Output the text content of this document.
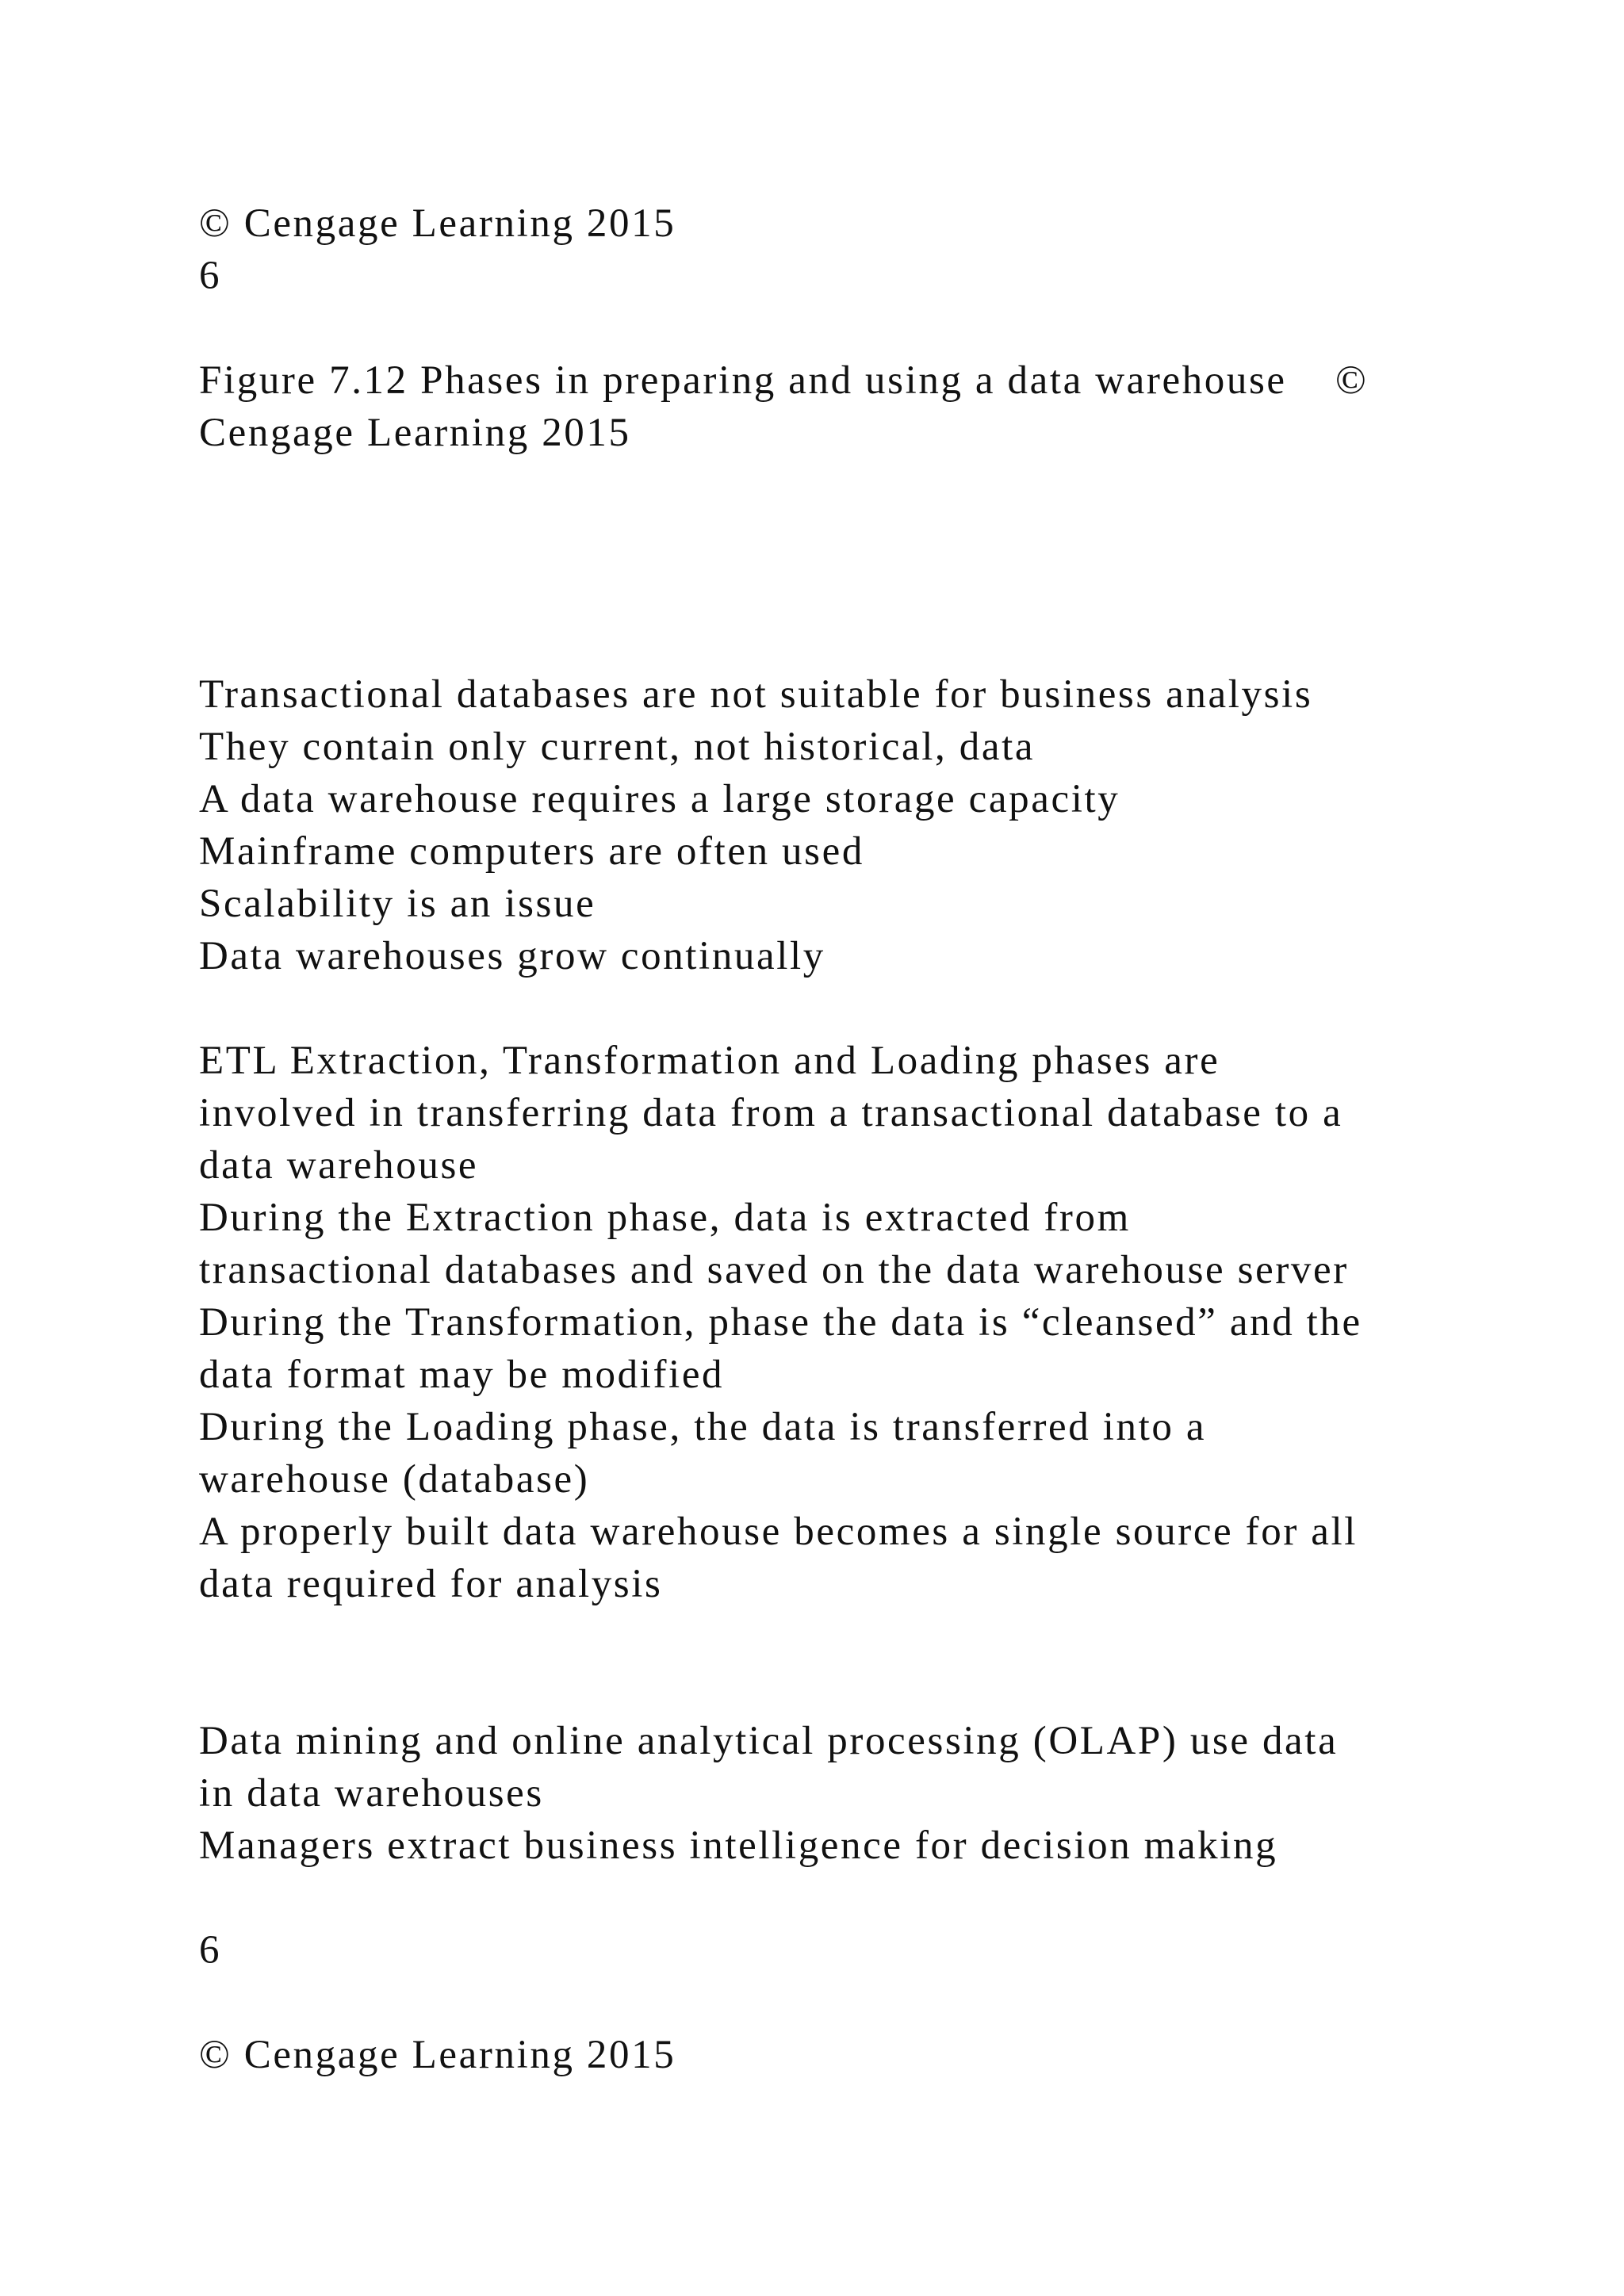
© Cengage Learning 2015

6

Figure 7.12 Phases in preparing and using a data warehouse    ©

Cengage Learning 2015

Transactional databases are not suitable for business analysis

They contain only current, not historical, data

A data warehouse requires a large storage capacity

Mainframe computers are often used

Scalability is an issue

Data warehouses grow continually

ETL Extraction, Transformation and Loading phases are

involved in transferring data from a transactional database to a

data warehouse

During the Extraction phase, data is extracted from

transactional databases and saved on the data warehouse server

During the Transformation, phase the data is “cleansed” and the

data format may be modified

During the Loading phase, the data is transferred into a

warehouse (database)

A properly built data warehouse becomes a single source for all

data required for analysis

Data mining and online analytical processing (OLAP) use data

in data warehouses

Managers extract business intelligence for decision making

6

© Cengage Learning 2015
